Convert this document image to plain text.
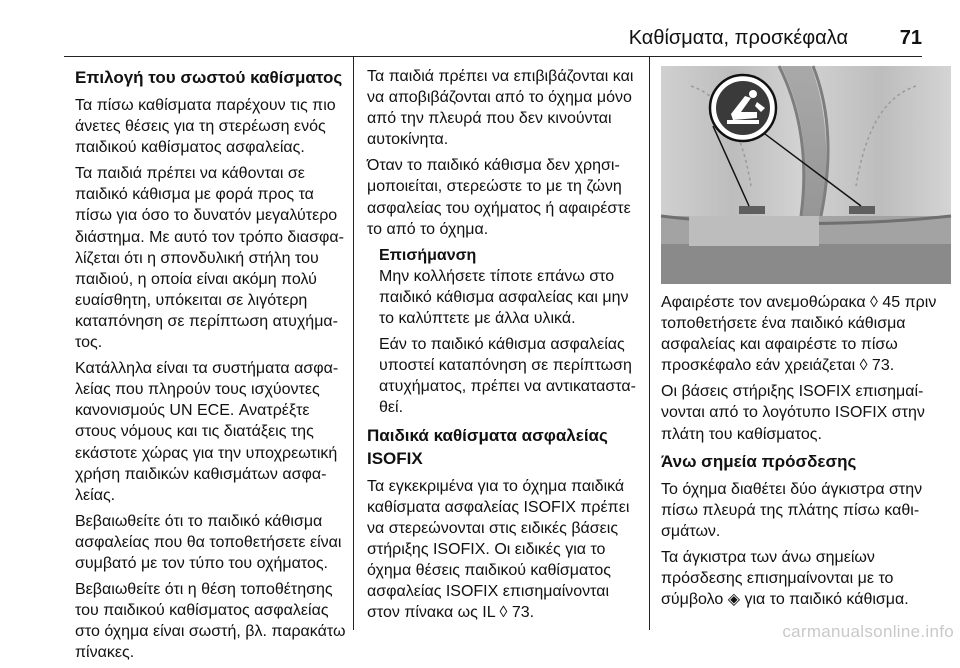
Καθίσματα, προσκέφαλα	71
Επιλογή του σωστού καθίσματος

Τα πίσω καθίσματα παρέχουν τις πιο άνετες θέσεις για τη στερέωση ενός παιδικού καθίσματος ασφαλείας.

Τα παιδιά πρέπει να κάθονται σε παιδικό κάθισμα με φορά προς τα πίσω για όσο το δυνατόν μεγαλύτερο διάστημα. Με αυτό τον τρόπο διασφαλίζεται ότι η σπονδυλική στήλη του παιδιού, η οποία είναι ακόμη πολύ ευαίσθητη, υπόκειται σε λιγότερη καταπόνηση σε περίπτωση ατυχήματος.

Κατάλληλα είναι τα συστήματα ασφαλείας που πληρούν τους ισχύοντες κανονισμούς UN ECE. Ανατρέξτε στους νόμους και τις διατάξεις της εκάστοτε χώρας για την υποχρεωτική χρήση παιδικών καθισμάτων ασφαλείας.

Βεβαιωθείτε ότι το παιδικό κάθισμα ασφαλείας που θα τοποθετήσετε είναι συμβατό με τον τύπο του οχήματος.

Βεβαιωθείτε ότι η θέση τοποθέτησης του παιδικού καθίσματος ασφαλείας στο όχημα είναι σωστή, βλ. παρακάτω πίνακες.

Τα παιδιά πρέπει να επιβιβάζονται και να αποβιβάζονται από το όχημα μόνο από την πλευρά που δεν κινούνται αυτοκίνητα.

Όταν το παιδικό κάθισμα δεν χρησιμοποιείται, στερεώστε το με τη ζώνη ασφαλείας του οχήματος ή αφαιρέστε το από το όχημα.

Επισήμανση

Μην κολλήσετε τίποτε επάνω στο παιδικό κάθισμα ασφαλείας και μην το καλύπτετε με άλλα υλικά.

Εάν το παιδικό κάθισμα ασφαλείας υποστεί καταπόνηση σε περίπτωση ατυχήματος, πρέπει να αντικατασταθεί.

Παιδικά καθίσματα ασφαλείας ISOFIX

Τα εγκεκριμένα για το όχημα παιδικά καθίσματα ασφαλείας ISOFIX πρέπει να στερεώνονται στις ειδικές βάσεις στήριξης ISOFIX. Οι ειδικές για το όχημα θέσεις παιδικού καθίσματος ασφαλείας ISOFIX επισημαίνονται στον πίνακα ως IL ◊ 73.

Αφαιρέστε τον ανεμοθώρακα ◊ 45 πριν τοποθετήσετε ένα παιδικό κάθισμα ασφαλείας και αφαιρέστε το πίσω προσκέφαλο εάν χρειάζεται ◊ 73.

Οι βάσεις στήριξης ISOFIX επισημαίνονται από το λογότυπο ISOFIX στην πλάτη του καθίσματος.

Άνω σημεία πρόσδεσης

Το όχημα διαθέτει δύο άγκιστρα στην πίσω πλευρά της πλάτης πίσω καθισμάτων.

Τα άγκιστρα των άνω σημείων πρόσδεσης επισημαίνονται με το σύμβολο ◈ για το παιδικό κάθισμα.

carmanualsonline.info
